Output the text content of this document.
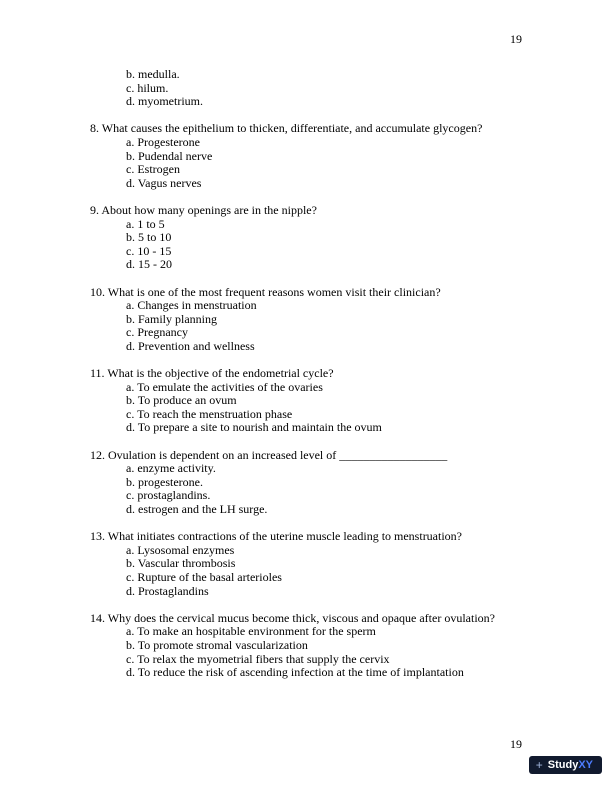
19

b. medulla.

c. hilum.

d. myometrium.

8. What causes the epithelium to thicken, differentiate, and accumulate glycogen?

a. Progesterone

b. Pudendal nerve

c. Estrogen

d. Vagus nerves

9. About how many openings are in the nipple?

a. 1 to 5

b. 5 to 10

c. 10 - 15

d. 15 - 20

10. What is one of the most frequent reasons women visit their clinician?

a. Changes in menstruation

b. Family planning

c. Pregnancy

d. Prevention and wellness

11. What is the objective of the endometrial cycle?

a. To emulate the activities of the ovaries

b. To produce an ovum

c. To reach the menstruation phase

d. To prepare a site to nourish and maintain the ovum

12. Ovulation is dependent on an increased level of __________________

a. enzyme activity.

b. progesterone.

c. prostaglandins.

d. estrogen and the LH surge.

13. What initiates contractions of the uterine muscle leading to menstruation?

a. Lysosomal enzymes

b. Vascular thrombosis

c. Rupture of the basal arterioles

d. Prostaglandins

14. Why does the cervical mucus become thick, viscous and opaque after ovulation?

a. To make an hospitable environment for the sperm

b. To promote stromal vascularization

c. To relax the myometrial fibers that supply the cervix

d. To reduce the risk of ascending infection at the time of implantation

19
+ StudyXY
